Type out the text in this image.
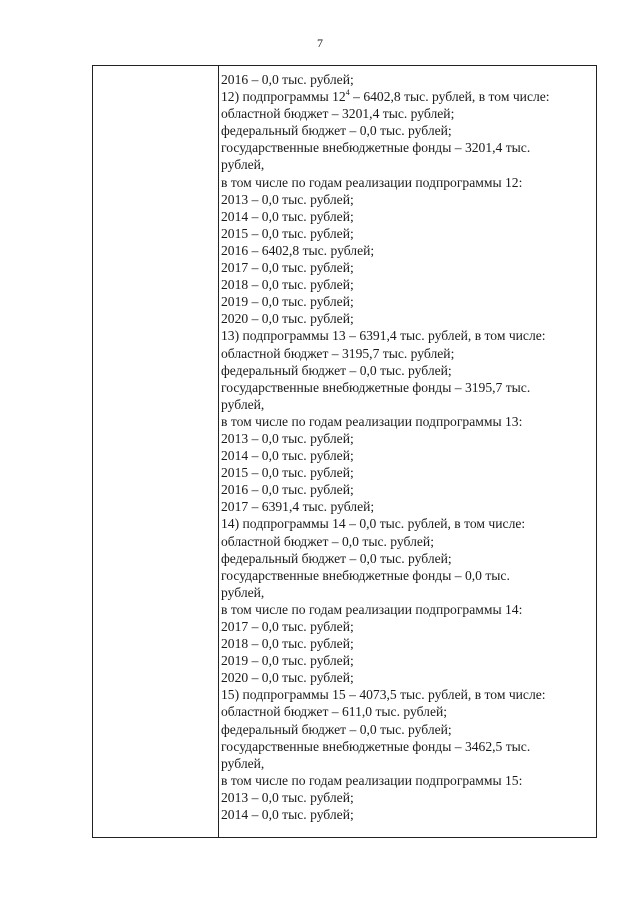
7
2016 – 0,0 тыс. рублей;
12) подпрограммы $12^4 - 6402,8$ тыс. рублей, в том числе:
областной бюджет – 3201,4 тыс. рублей;
федеральный бюджет – 0,0 тыс. рублей;
государственные внебюджетные фонды – 3201,4 тыс.
рублей,
в том числе по годам реализации подпрограммы 12:
2013 – 0,0 тыс. рублей;
2014 – 0,0 тыс. рублей;
2015 – 0,0 тыс. рублей;
2016 – 6402,8 тыс. рублей;
2017 – 0,0 тыс. рублей;
2018 – 0,0 тыс. рублей;
2019 – 0,0 тыс. рублей;
2020 – 0,0 тыс. рублей;
13) подпрограммы 13 – 6391,4 тыс. рублей, в том числе:
областной бюджет – 3195,7 тыс. рублей;
федеральный бюджет – 0,0 тыс. рублей;
государственные внебюджетные фонды – 3195,7 тыс.
рублей,
в том числе по годам реализации подпрограммы 13:
2013 – 0,0 тыс. рублей;
2014 – 0,0 тыс. рублей;
2015 – 0,0 тыс. рублей;
2016 – 0,0 тыс. рублей;
2017 – 6391,4 тыс. рублей;
14) подпрограммы 14 – 0,0 тыс. рублей, в том числе:
областной бюджет – 0,0 тыс. рублей;
федеральный бюджет – 0,0 тыс. рублей;
государственные внебюджетные фонды – 0,0 тыс.
рублей,
в том числе по годам реализации подпрограммы 14:
2017 – 0,0 тыс. рублей;
2018 – 0,0 тыс. рублей;
2019 – 0,0 тыс. рублей;
2020 – 0,0 тыс. рублей;
15) подпрограммы 15 – 4073,5 тыс. рублей, в том числе:
областной бюджет – 611,0 тыс. рублей;
федеральный бюджет – 0,0 тыс. рублей;
государственные внебюджетные фонды – 3462,5 тыс.
рублей,
в том числе по годам реализации подпрограммы 15:
2013 – 0,0 тыс. рублей;
2014 – 0,0 тыс. рублей;
